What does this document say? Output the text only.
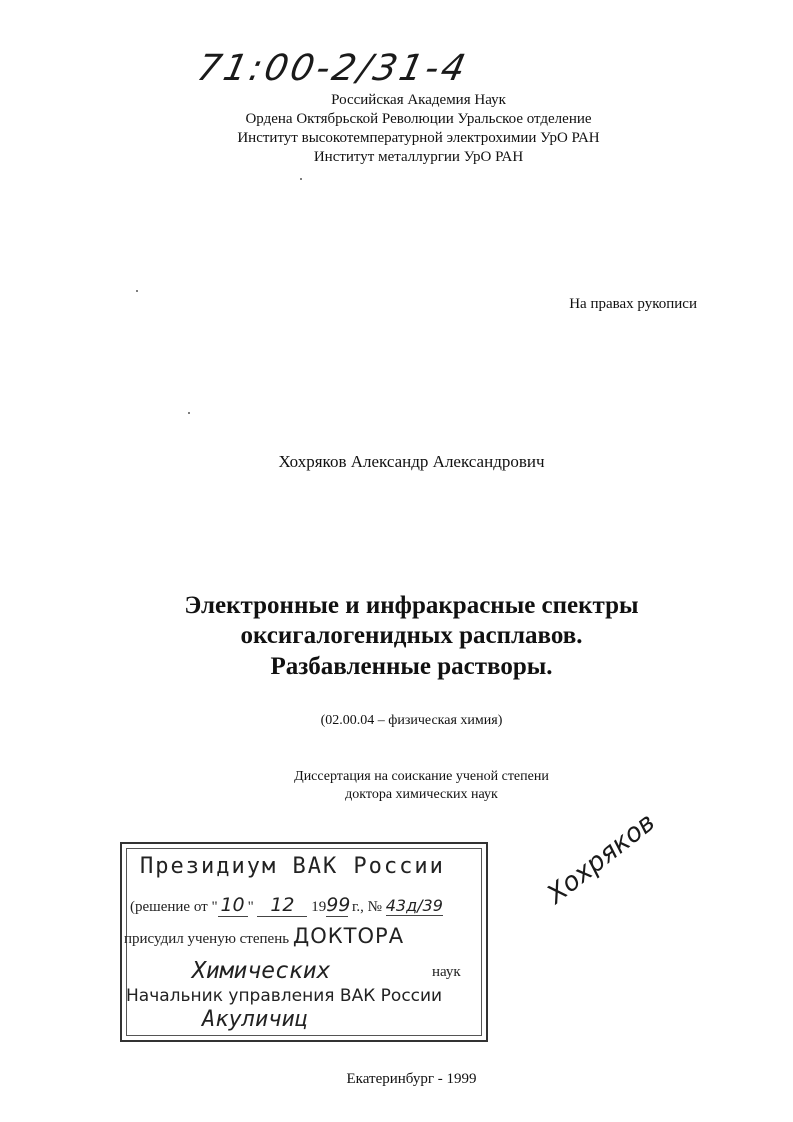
71:00-2/31-4
Российская Академия Наук
Ордена Октябрьской Революции Уральское отделение
Институт высокотемпературной электрохимии УрО РАН
Институт металлургии УрО РАН
На правах рукописи
Хохряков Александр Александрович
Электронные и инфракрасные спектры
оксигалогенидных расплавов.
Разбавленные растворы.
(02.00.04 – физическая химия)
Диссертация на соискание ученой степени
доктора химических наук
Президиум ВАК России
(решение от " 10 " 12 1999 г., № 43д/39
присудил ученую степень ДОКТОРА
Химических	наук
Начальник управления ВАК России
Акуличиц
Хохряков
Екатеринбург - 1999
